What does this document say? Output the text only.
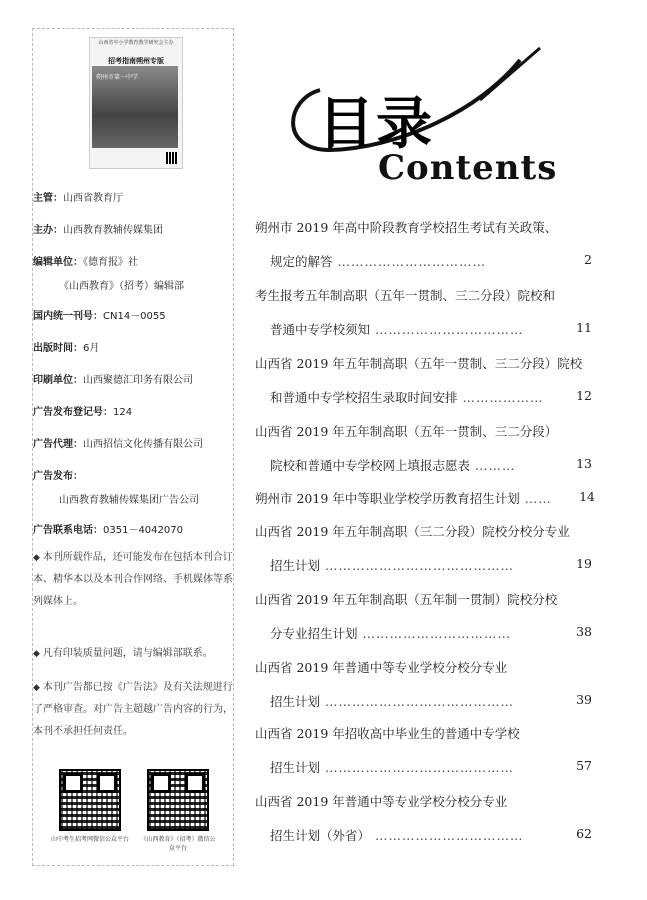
山西省中小学教育教学研究会主办
招考指南朔州专版
朔州市第一中学
主管：山西省教育厅
主办：山西教育教辅传媒集团
编辑单位：《德育报》社
《山西教育》（招考）编辑部
国内统一刊号：CN14－0055
出版时间：6月
印刷单位：山西聚德汇印务有限公司
广告发布登记号：124
广告代理：山西招信文化传播有限公司
广告发布：
山西教育教辅传媒集团广告公司
广告联系电话：0351－4042070
◆ 本刊所载作品，还可能发布在包括本刊合订本、精华本以及本刊合作网络、手机媒体等系列媒体上。
◆ 凡有印装质量问题，请与编辑部联系。
◆ 本刊广告都已按《广告法》及有关法规进行了严格审查。对广告主超越广告内容的行为，本刊不承担任何责任。
山中考生招考网微信公众平台	《山西教育》（招考）微信公众平台
目录
Contents
朔州市 2019 年高中阶段教育学校招生考试有关政策、
规定的解答 ……………………………	2
考生报考五年制高职（五年一贯制、三二分段）院校和
普通中专学校须知 ……………………………	11
山西省 2019 年五年制高职（五年一贯制、三二分段）院校
和普通中专学校招生录取时间安排 ………………	12
山西省 2019 年五年制高职（五年一贯制、三二分段）
院校和普通中专学校网上填报志愿表 ………	13
朔州市 2019 年中等职业学校学历教育招生计划 …… 14
山西省 2019 年五年制高职（三二分段）院校分校分专业
招生计划 ……………………………………	19
山西省 2019 年五年制高职（五年制一贯制）院校分校
分专业招生计划 ……………………………	38
山西省 2019 年普通中等专业学校分校分专业
招生计划 ……………………………………	39
山西省 2019 年招收高中毕业生的普通中专学校
招生计划 ……………………………………	57
山西省 2019 年普通中等专业学校分校分专业
招生计划（外省） ……………………………	62
